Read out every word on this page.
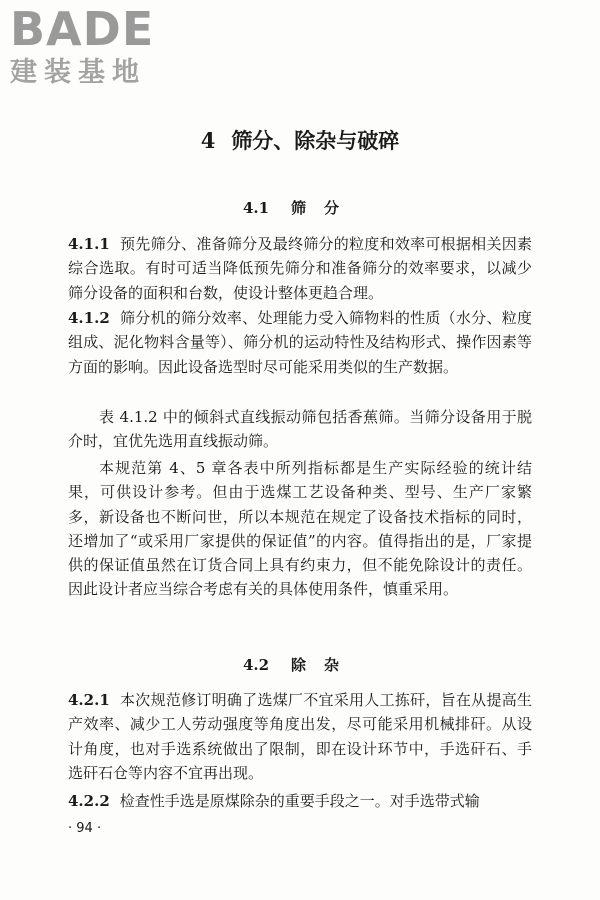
BADE
建装基地
4 筛分、除杂与破碎
4.1 筛分

4.1.1 预先筛分、准备筛分及最终筛分的粒度和效率可根据相关因素综合选取。有时可适当降低预先筛分和准备筛分的效率要求，以减少筛分设备的面积和台数，使设计整体更趋合理。

4.1.2 筛分机的筛分效率、处理能力受入筛物料的性质（水分、粒度组成、泥化物料含量等）、筛分机的运动特性及结构形式、操作因素等方面的影响。因此设备选型时尽可能采用类似的生产数据。

表 4.1.2 中的倾斜式直线振动筛包括香蕉筛。当筛分设备用于脱介时，宜优先选用直线振动筛。

本规范第 4、5 章各表中所列指标都是生产实际经验的统计结果，可供设计参考。但由于选煤工艺设备种类、型号、生产厂家繁多，新设备也不断问世，所以本规范在规定了设备技术指标的同时，还增加了“或采用厂家提供的保证值”的内容。值得指出的是，厂家提供的保证值虽然在订货合同上具有约束力，但不能免除设计的责任。因此设计者应当综合考虑有关的具体使用条件，慎重采用。

4.2 除杂

4.2.1 本次规范修订明确了选煤厂不宜采用人工拣矸，旨在从提高生产效率、减少工人劳动强度等角度出发，尽可能采用机械排矸。从设计角度，也对手选系统做出了限制，即在设计环节中，手选矸石、手选矸石仓等内容不宜再出现。

4.2.2 检查性手选是原煤除杂的重要手段之一。对手选带式输

· 94 ·
